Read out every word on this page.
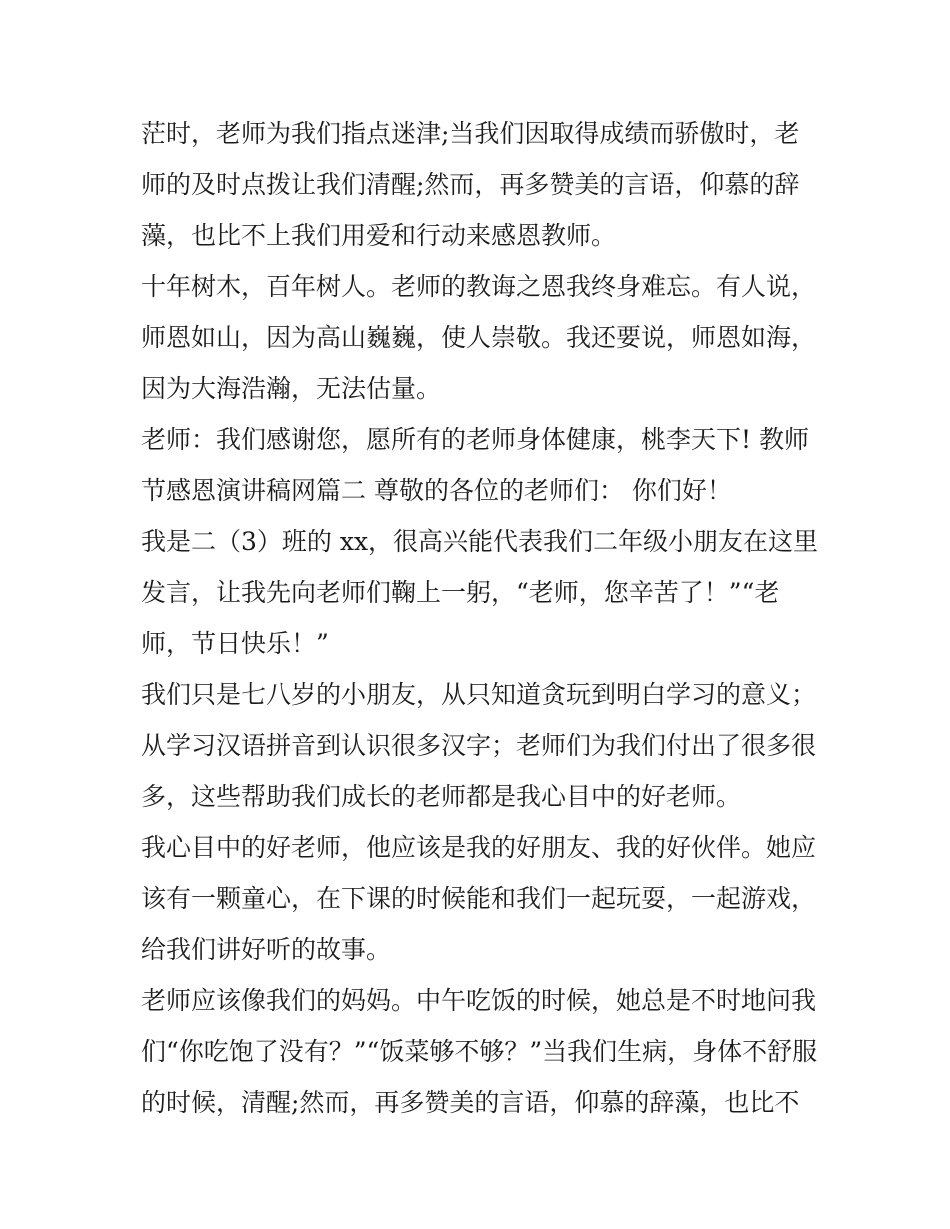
茫时，老师为我们指点迷津;当我们因取得成绩而骄傲时，老
师的及时点拨让我们清醒;然而，再多赞美的言语，仰慕的辞
藻，也比不上我们用爱和行动来感恩教师。
十年树木，百年树人。老师的教诲之恩我终身难忘。有人说，
师恩如山，因为高山巍巍，使人崇敬。我还要说，师恩如海，
因为大海浩瀚，无法估量。
老师：我们感谢您，愿所有的老师身体健康，桃李天下! 教师
节感恩演讲稿网篇二 尊敬的各位的老师们： 你们好！
我是二（3）班的 xx，很高兴能代表我们二年级小朋友在这里
发言，让我先向老师们鞠上一躬，“老师，您辛苦了！”“老
师，节日快乐！”
我们只是七八岁的小朋友，从只知道贪玩到明白学习的意义；
从学习汉语拼音到认识很多汉字；老师们为我们付出了很多很
多，这些帮助我们成长的老师都是我心目中的好老师。
我心目中的好老师，他应该是我的好朋友、我的好伙伴。她应
该有一颗童心，在下课的时候能和我们一起玩耍，一起游戏，
给我们讲好听的故事。
老师应该像我们的妈妈。中午吃饭的时候，她总是不时地问我
们“你吃饱了没有？”“饭菜够不够？”当我们生病，身体不舒服
的时候，清醒;然而，再多赞美的言语，仰慕的辞藻，也比不
